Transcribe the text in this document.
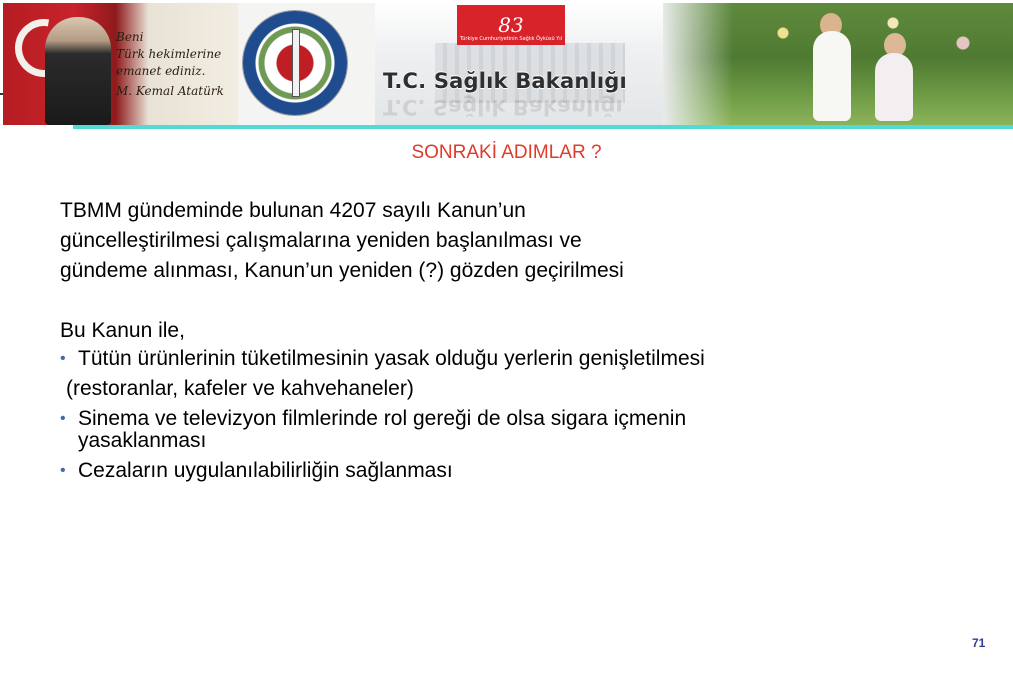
Beni
Türk hekimlerine
emanet ediniz.
M. Kemal Atatürk
83
Türkiye Cumhuriyetinin Sağlık Öyküsü Yıl
T.C. Sağlık Bakanlığı
T.C. Sağlık Bakanlığı
SONRAKİ ADIMLAR ?

TBMM gündeminde bulunan 4207 sayılı Kanun’un

güncelleştirilmesi çalışmalarına yeniden başlanılması ve

gündeme alınması, Kanun’un yeniden (?) gözden geçirilmesi

Bu Kanun ile,
• Tütün ürünlerinin tüketilmesinin yasak olduğu yerlerin genişletilmesi
(restoranlar, kafeler ve kahvehaneler)
• Sinema ve televizyon filmlerinde rol gereği de olsa sigara içmenin yasaklanması
• Cezaların uygulanılabilirliğin sağlanması
71
